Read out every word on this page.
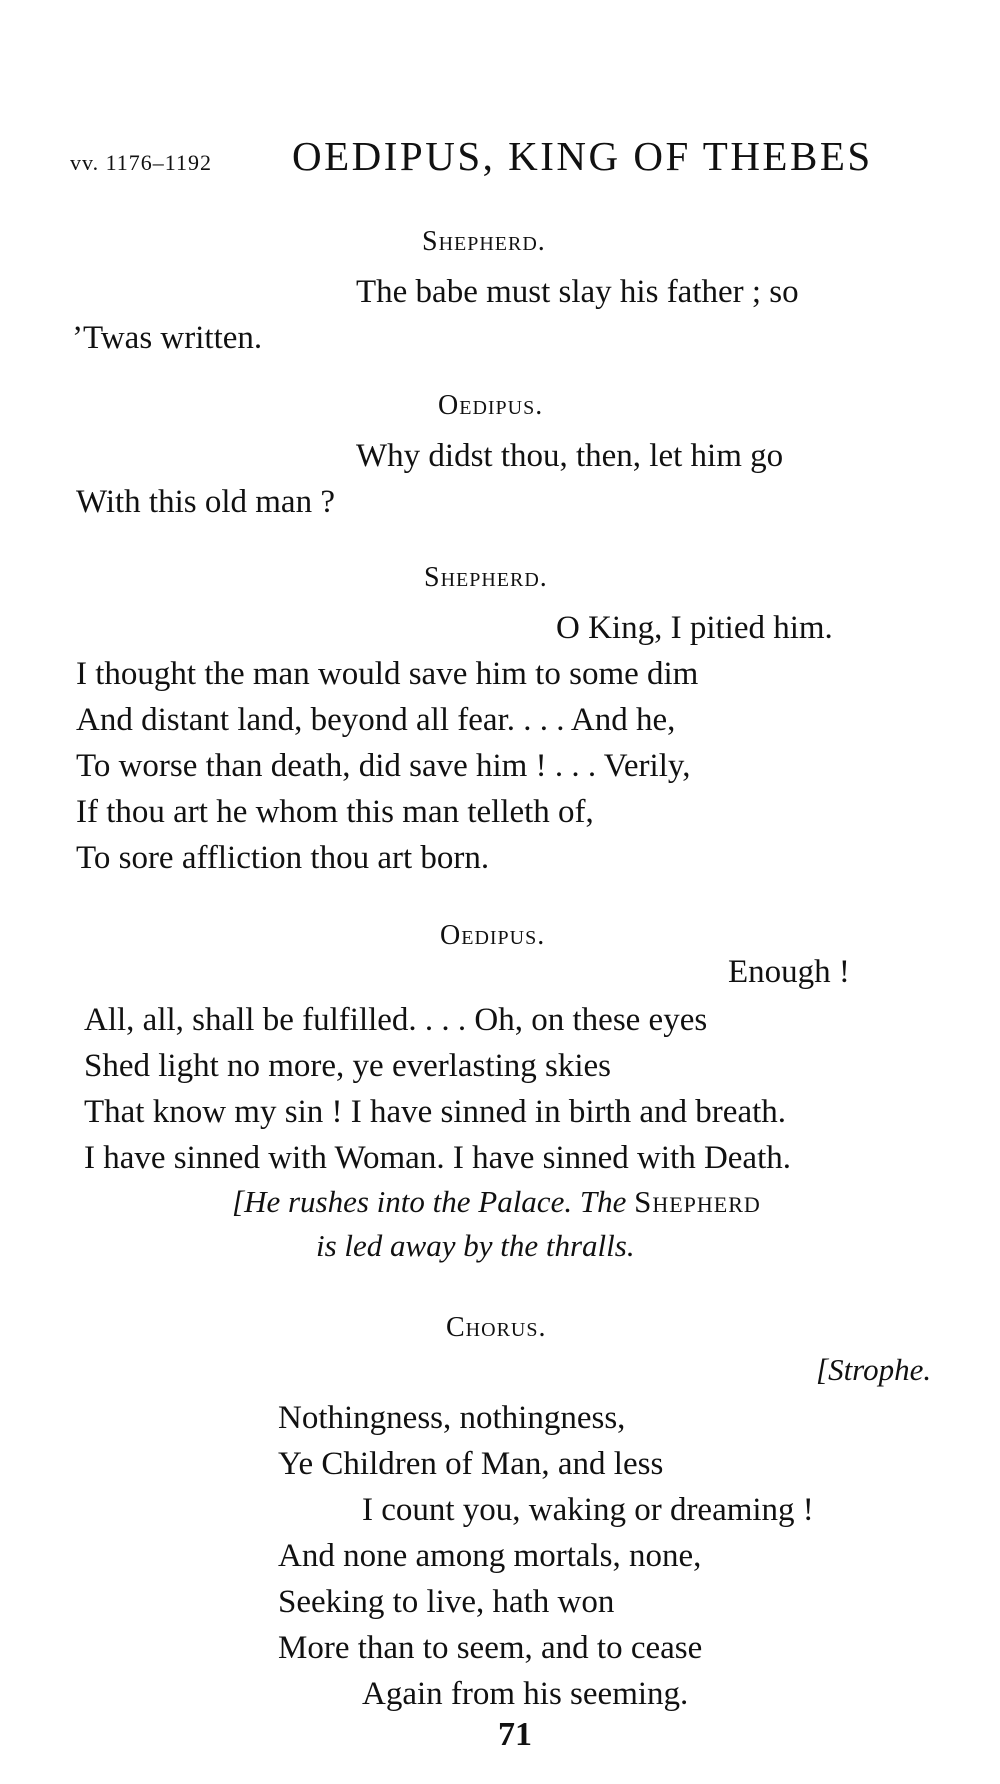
vv. 1176–1192 OEDIPUS, KING OF THEBES
Shepherd.
The babe must slay his father ; so
’Twas written.
Oedipus.
Why didst thou, then, let him go
With this old man ?
Shepherd.
O King, I pitied him.
I thought the man would save him to some dim
And distant land, beyond all fear. . . . And he,
To worse than death, did save him ! . . . Verily,
If thou art he whom this man telleth of,
To sore affliction thou art born.
Oedipus.
Enough !
All, all, shall be fulfilled. . . . Oh, on these eyes
Shed light no more, ye everlasting skies
That know my sin ! I have sinned in birth and breath.
I have sinned with Woman. I have sinned with Death.
[He rushes into the Palace. The Shepherd
is led away by the thralls.
Chorus.
[Strophe.
Nothingness, nothingness,
Ye Children of Man, and less
I count you, waking or dreaming !
And none among mortals, none,
Seeking to live, hath won
More than to seem, and to cease
Again from his seeming.
71
